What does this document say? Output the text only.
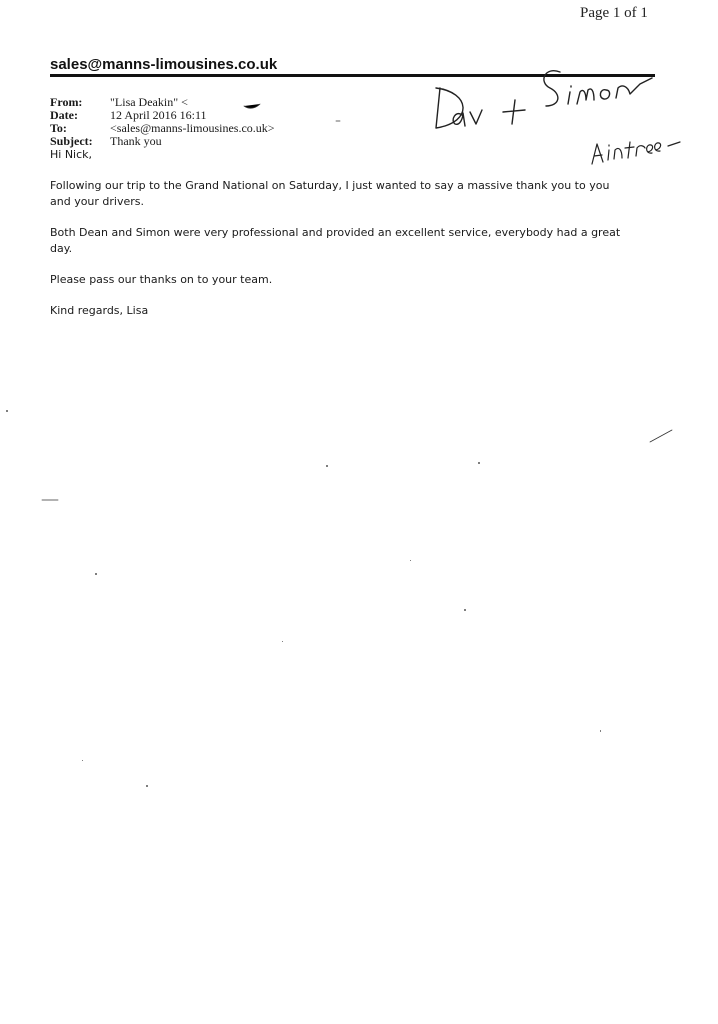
Page 1 of 1
sales@manns-limousines.co.uk
From:	"Lisa Deakin" <
Date:	12 April 2016 16:11
To:	<sales@manns-limousines.co.uk>
Subject:	Thank you

Hi Nick,

Following our trip to the Grand National on Saturday, I just wanted to say a massive thank you to you and your drivers.

Both Dean and Simon were very professional and provided an excellent service, everybody had a great day.

Please pass our thanks on to your team.

Kind regards, Lisa
